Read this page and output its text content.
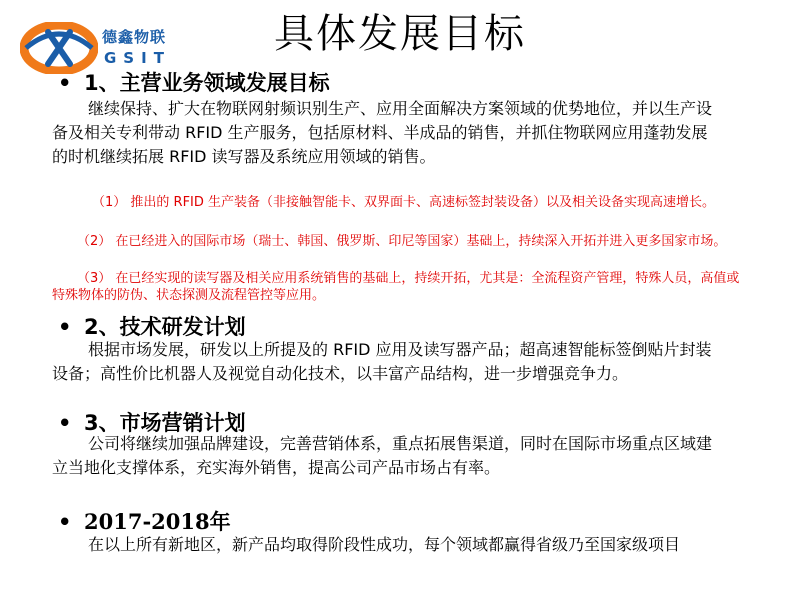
德鑫物联
GSIT
具体发展目标
• 1、主营业务领域发展目标

继续保持、扩大在物联网射频识别生产、应用全面解决方案领域的优势地位，并以生产设备及相关专利带动 RFID 生产服务，包括原材料、半成品的销售，并抓住物联网应用蓬勃发展的时机继续拓展 RFID 读写器及系统应用领域的销售。

（1） 推出的 RFID 生产装备（非接触智能卡、双界面卡、高速标签封装设备）以及相关设备实现高速增长。

（2） 在已经进入的国际市场（瑞士、韩国、俄罗斯、印尼等国家）基础上，持续深入开拓并进入更多国家市场。

（3） 在已经实现的读写器及相关应用系统销售的基础上，持续开拓，尤其是：全流程资产管理，特殊人员，高值或特殊物体的防伪、状态探测及流程管控等应用。

• 2、技术研发计划

根据市场发展，研发以上所提及的 RFID 应用及读写器产品；超高速智能标签倒贴片封装设备；高性价比机器人及视觉自动化技术，以丰富产品结构，进一步增强竞争力。

• 3、市场营销计划

公司将继续加强品牌建设，完善营销体系，重点拓展售渠道，同时在国际市场重点区域建立当地化支撑体系，充实海外销售，提高公司产品市场占有率。

• 2017-2018年

在以上所有新地区，新产品均取得阶段性成功，每个领域都赢得省级乃至国家级项目
